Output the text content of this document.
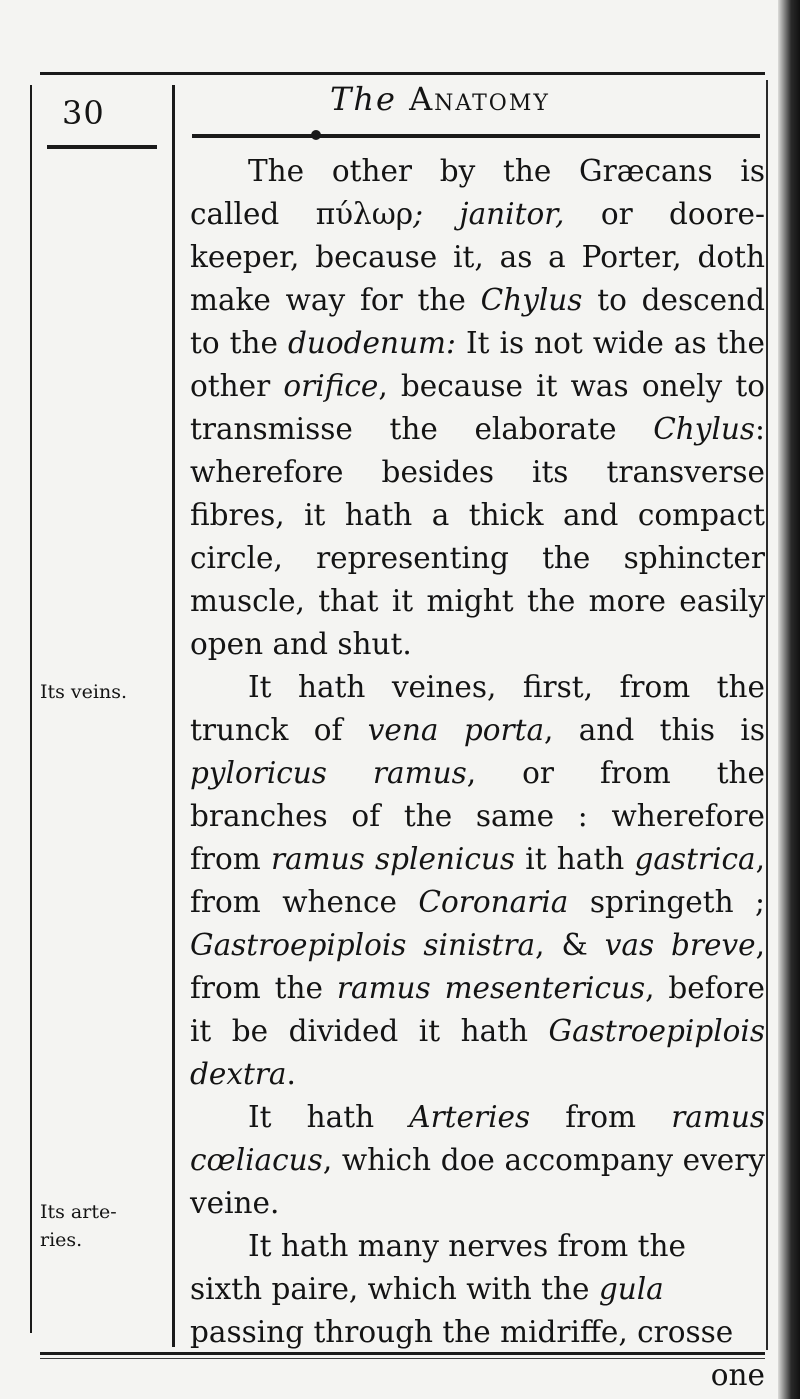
30	The Anatomy
Its veins.
Its arte-
ries.

The other by the Græcans is called πύλωρ; janitor, or doore-keeper, because it, as a Porter, doth make way for the Chylus to descend to the duodenum: It is not wide as the other orifice, because it was onely to transmisse the elaborate Chylus: wherefore besides its transverse fibres, it hath a thick and compact circle, representing the sphincter muscle, that it might the more easily open and shut.

It hath veines, first, from the trunck of vena porta, and this is pyloricus ramus, or from the branches of the same : wherefore from ramus splenicus it hath gastrica, from whence Coronaria springeth ; Gastroepiplois sinistra, & vas breve, from the ramus mesentericus, before it be divided it hath Gastroepiplois dextra.

It hath Arteries from ramus cœliacus, which doe accompany every veine.

It hath many nerves from the sixth paire, which with the gula passing through the midriffe, crosse

one
